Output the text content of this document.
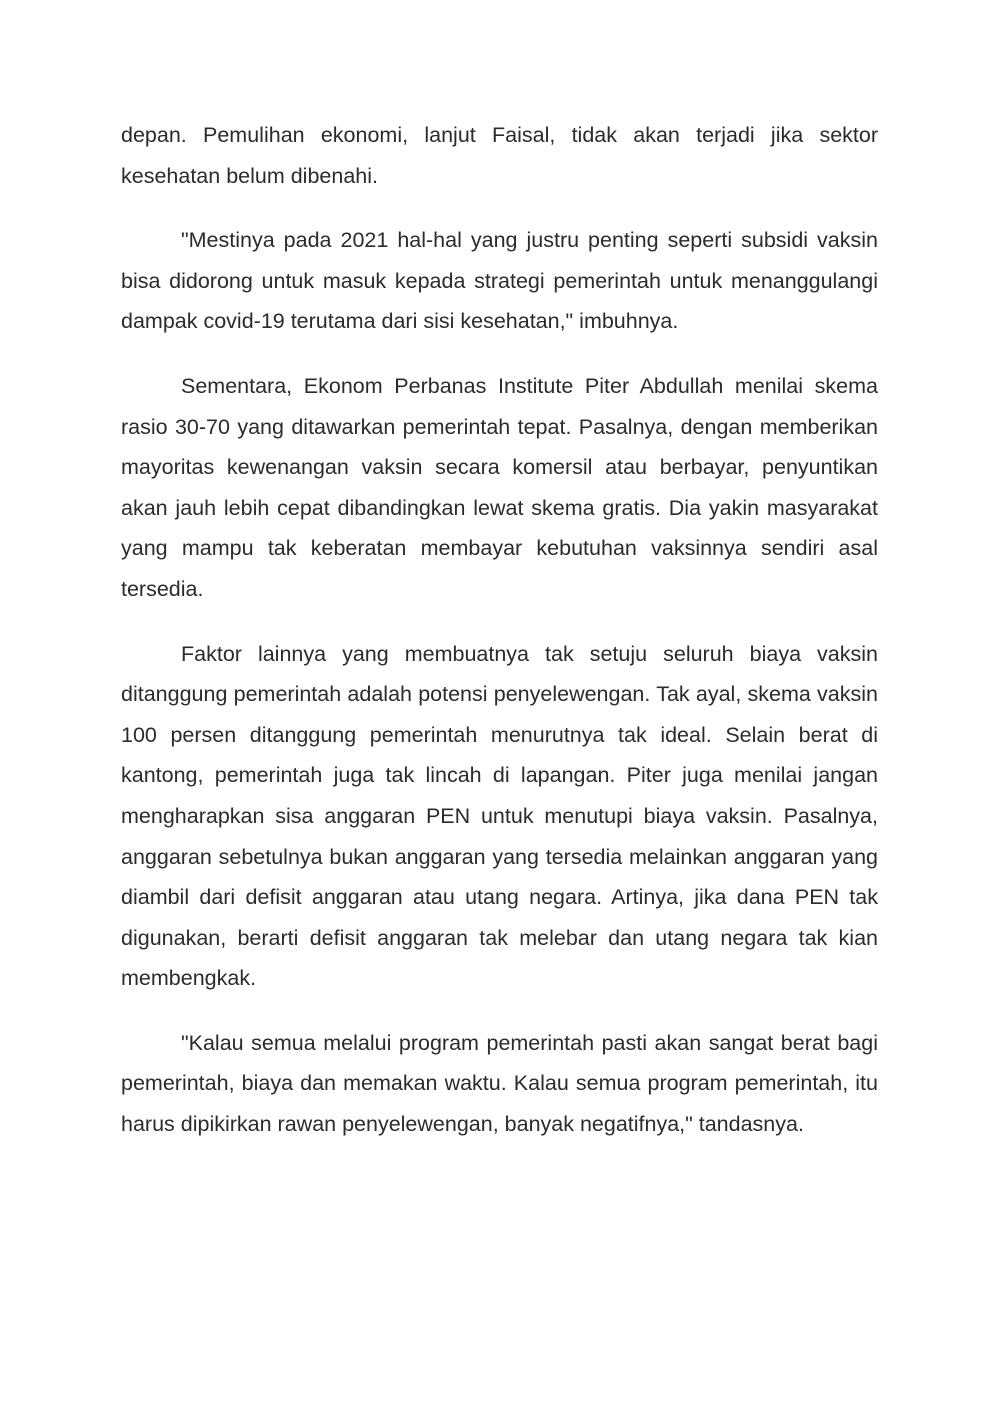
depan. Pemulihan ekonomi, lanjut Faisal, tidak akan terjadi jika sektor kesehatan belum dibenahi.

"Mestinya pada 2021 hal-hal yang justru penting seperti subsidi vaksin bisa didorong untuk masuk kepada strategi pemerintah untuk menanggulangi dampak covid-19 terutama dari sisi kesehatan," imbuhnya.

Sementara, Ekonom Perbanas Institute Piter Abdullah menilai skema rasio 30-70 yang ditawarkan pemerintah tepat. Pasalnya, dengan memberikan mayoritas kewenangan vaksin secara komersil atau berbayar, penyuntikan akan jauh lebih cepat dibandingkan lewat skema gratis. Dia yakin masyarakat yang mampu tak keberatan membayar kebutuhan vaksinnya sendiri asal tersedia.

Faktor lainnya yang membuatnya tak setuju seluruh biaya vaksin ditanggung pemerintah adalah potensi penyelewengan. Tak ayal, skema vaksin 100 persen ditanggung pemerintah menurutnya tak ideal. Selain berat di kantong, pemerintah juga tak lincah di lapangan. Piter juga menilai jangan mengharapkan sisa anggaran PEN untuk menutupi biaya vaksin. Pasalnya, anggaran sebetulnya bukan anggaran yang tersedia melainkan anggaran yang diambil dari defisit anggaran atau utang negara. Artinya, jika dana PEN tak digunakan, berarti defisit anggaran tak melebar dan utang negara tak kian membengkak.

"Kalau semua melalui program pemerintah pasti akan sangat berat bagi pemerintah, biaya dan memakan waktu. Kalau semua program pemerintah, itu harus dipikirkan rawan penyelewengan, banyak negatifnya," tandasnya.
